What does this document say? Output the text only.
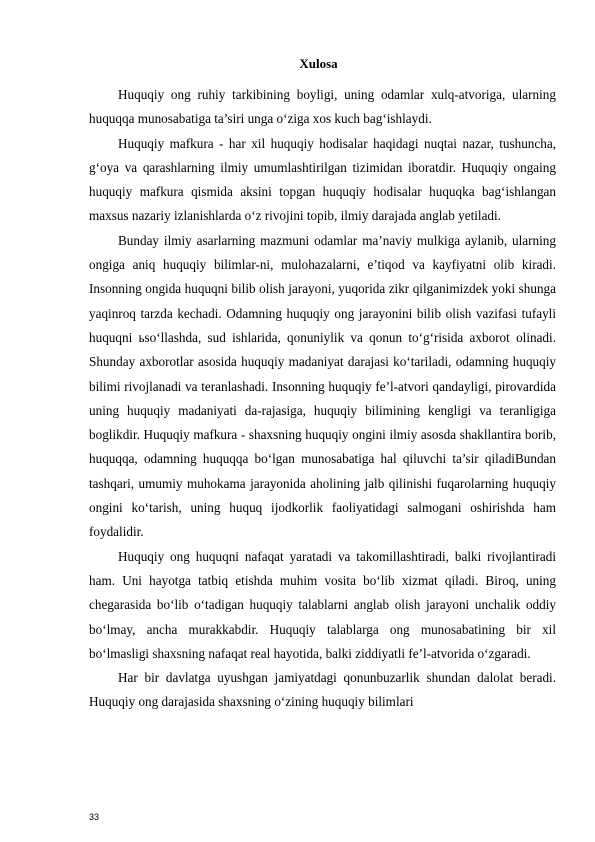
Xulosa

Huquqiy ong ruhiy tarkibining boyligi, uning odamlar xulq-atvoriga, ularning huquqqa munosabatiga ta’siri unga o‘ziga xos kuch bag‘ishlaydi.

Huquqiy mafkura - har xil huquqiy hodisalar haqidagi nuqtai nazar, tushuncha, g‘oya va qarashlarning ilmiy umumlashtirilgan tizimidan iboratdir. Huquqiy ongaing huquqiy mafkura qismida aksini topgan huquqiy hodisalar huquqka bag‘ishlangan maxsus nazariy izlanishlarda o‘z rivojini topib, ilmiy darajada anglab yetiladi.

Bunday ilmiy asarlarning mazmuni odamlar ma’naviy mulkiga aylanib, ularning ongiga aniq huquqiy bilimlar-ni, mulohazalarni, e’tiqod va kayfiyatni olib kiradi. Insonning ongida huquqni bilib olish jarayoni, yuqorida zikr qilganimizdek yoki shunga yaqinroq tarzda kechadi. Odamning huquqiy ong jarayonini bilib olish vazifasi tufayli huquqni ьso‘llashda, sud ishlarida, qonuniylik va qonun to‘g‘risida axborot olinadi. Shunday axborotlar asosida huquqiy madaniyat darajasi ko‘tariladi, odamning huquqiy bilimi rivojlanadi va teranlashadi. Insonning huquqiy fe’l-atvori qandayligi, pirovardida uning huquqiy madaniyati da-rajasiga, huquqiy bilimining kengligi va teranligiga boglikdir. Huquqiy mafkura - shaxsning huquqiy ongini ilmiy asosda shakllantira borib, huquqqa, odamning huquqqa bo‘lgan munosabatiga hal qiluvchi ta’sir qiladiBundan tashqari, umumiy muhokama jarayonida aholining jalb qilinishi fuqarolarning huquqiy ongini ko‘tarish, uning huquq ijodkorlik faoliyatidagi salmogani oshirishda ham foydalidir.

Huquqiy ong huquqni nafaqat yaratadi va takomillashtiradi, balki rivojlantiradi ham. Uni hayotga tatbiq etishda muhim vosita bo‘lib xizmat qiladi. Biroq, uning chegarasida bo‘lib o‘tadigan huquqiy talablarni anglab olish jarayoni unchalik oddiy bo‘lmay, ancha murakkabdir. Huquqiy talablarga ong munosabatining bir xil bo‘lmasligi shaxsning nafaqat real hayotida, balki ziddiyatli fe’l-atvorida o‘zgaradi.

Har bir davlatga uyushgan jamiyatdagi qonunbuzarlik shundan dalolat beradi. Huquqiy ong darajasida shaxsning o‘zining huquqiy bilimlari

33
